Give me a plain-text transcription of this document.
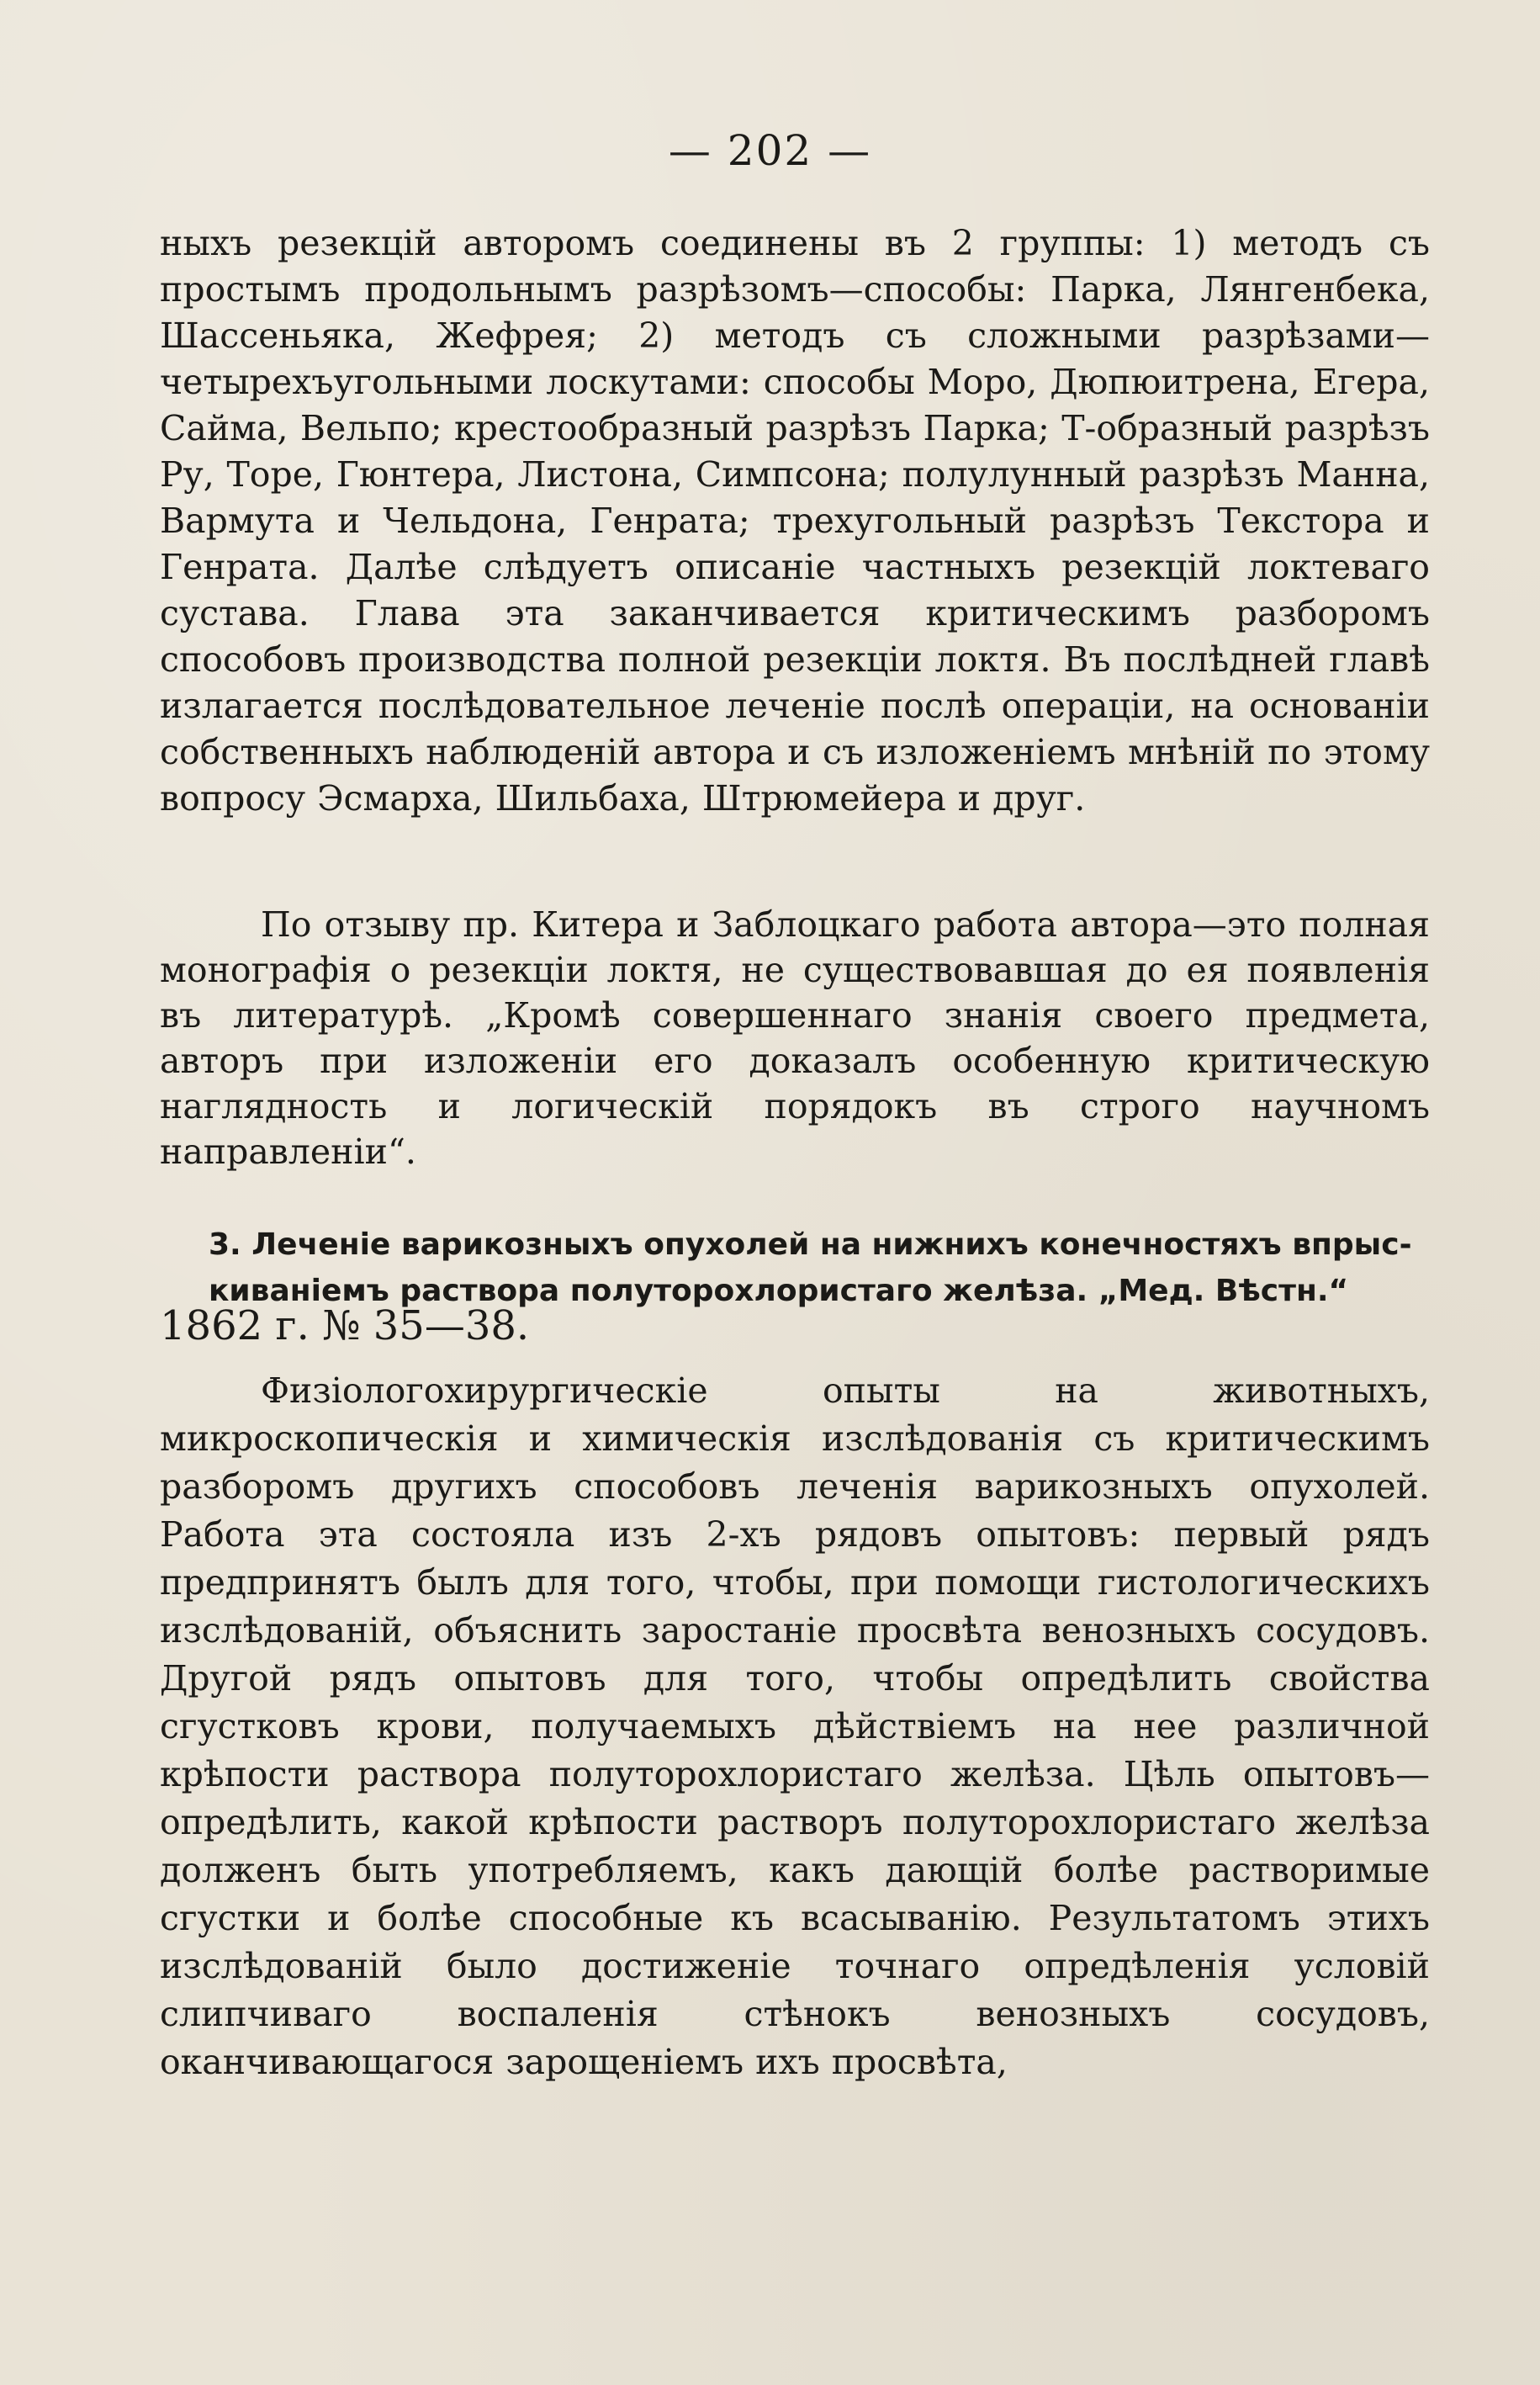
— 202 —

ныхъ резекцій авторомъ соединены въ 2 группы: 1) методъ съ простымъ продольнымъ разрѣзомъ—способы: Парка, Лянгенбека, Шассеньяка, Жефрея; 2) методъ съ сложными разрѣзами—четырехъугольными лоскутами: способы Моро, Дюпюитрена, Егера, Сайма, Вельпо; крестообразный разрѣзъ Парка; Т-образный разрѣзъ Ру, Торе, Гюнтера, Листона, Симпсона; полулунный разрѣзъ Манна, Вармута и Чельдона, Генрата; трехугольный разрѣзъ Текстора и Генрата. Далѣе слѣдуетъ описаніе частныхъ резекцій локтеваго сустава. Глава эта заканчивается критическимъ разборомъ способовъ производства полной резекціи локтя. Въ послѣдней главѣ излагается послѣдовательное леченіе послѣ операціи, на основаніи собственныхъ наблюденій автора и съ изложеніемъ мнѣній по этому вопросу Эсмарха, Шильбаха, Штрюмейера и друг.

По отзыву пр. Китера и Заблоцкаго работа автора—это полная монографія о резекціи локтя, не существовавшая до ея появленія въ литературѣ. „Кромѣ совершеннаго знанія своего предмета, авторъ при изложеніи его доказалъ особенную критическую наглядность и логическій порядокъ въ строго научномъ направленіи“.

3. Леченіе варикозныхъ опухолей на нижнихъ конечностяхъ впрыс-
киваніемъ раствора полуторохлористаго желѣза. „Мед. Вѣстн.“
1862 г. № 35—38.

Физіологохирургическіе опыты на животныхъ, микроскопическія и химическія изслѣдованія съ критическимъ разборомъ другихъ способовъ леченія варикозныхъ опухолей. Работа эта состояла изъ 2-хъ рядовъ опытовъ: первый рядъ предпринятъ былъ для того, чтобы, при помощи гистологическихъ изслѣдованій, объяснить заростаніе просвѣта венозныхъ сосудовъ. Другой рядъ опытовъ для того, чтобы опредѣлить свойства сгустковъ крови, получаемыхъ дѣйствіемъ на нее различной крѣпости раствора полуторохлористаго желѣза. Цѣль опытовъ—опредѣлить, какой крѣпости растворъ полуторохлористаго желѣза долженъ быть употребляемъ, какъ дающій болѣе растворимые сгустки и болѣе способные къ всасыванію. Результатомъ этихъ изслѣдованій было достиженіе точнаго опредѣленія условій слипчиваго воспаленія стѣнокъ венозныхъ сосудовъ, оканчивающагося зарощеніемъ ихъ просвѣта,
